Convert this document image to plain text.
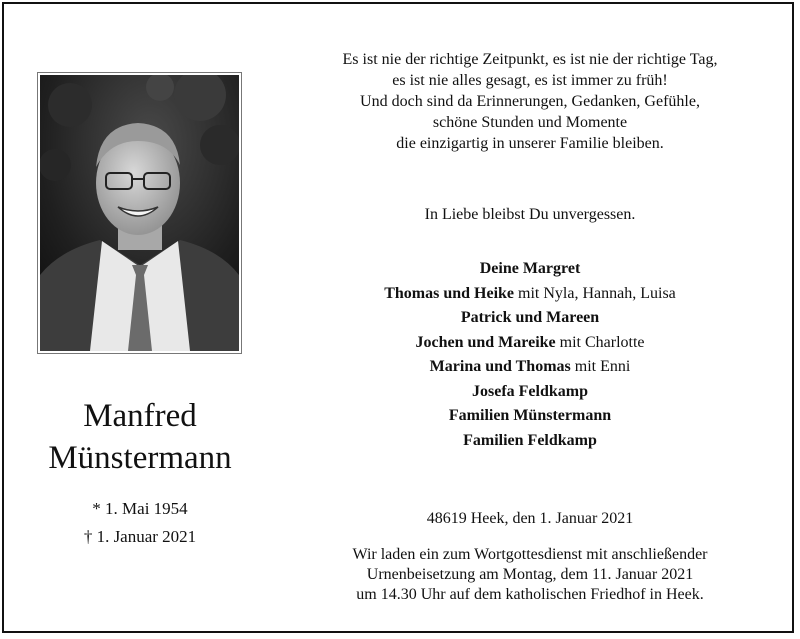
Manfred
Münstermann
* 1. Mai 1954
† 1. Januar 2021
Es ist nie der richtige Zeitpunkt, es ist nie der richtige Tag,
es ist nie alles gesagt, es ist immer zu früh!
Und doch sind da Erinnerungen, Gedanken, Gefühle,
schöne Stunden und Momente
die einzigartig in unserer Familie bleiben.
In Liebe bleibst Du unvergessen.
Deine Margret
Thomas und Heike mit Nyla, Hannah, Luisa
Patrick und Mareen
Jochen und Mareike mit Charlotte
Marina und Thomas mit Enni
Josefa Feldkamp
Familien Münstermann
Familien Feldkamp
48619 Heek, den 1. Januar 2021
Wir laden ein zum Wortgottesdienst mit anschließender
Urnenbeisetzung am Montag, dem 11. Januar 2021
um 14.30 Uhr auf dem katholischen Friedhof in Heek.
